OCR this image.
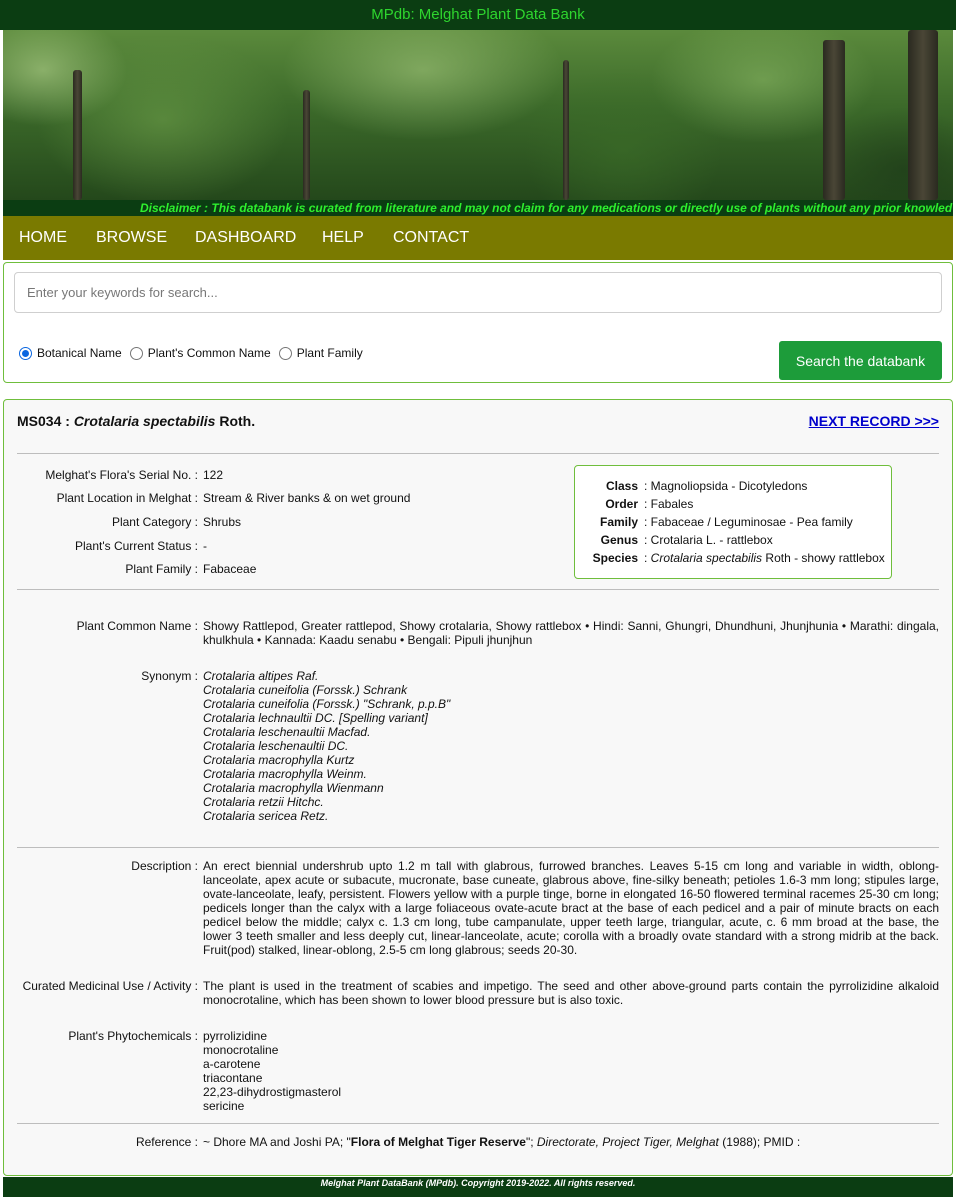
MPdb: Melghat Plant Data Bank
Disclaimer : This databank is curated from literature and may not claim for any medications or directly use of plants without any prior knowled
HOME BROWSE DASHBOARD HELP CONTACT
Enter your keywords for search...
Botanical Name Plant's Common Name Plant Family	Search the databank
MS034 : Crotalaria spectabilis Roth.	NEXT RECORD >>>
Melghat's Flora's Serial No. : 122
Plant Location in Melghat : Stream & River banks & on wet ground
Plant Category : Shrubs
Plant's Current Status : -
Plant Family : Fabaceae
Class : Magnoliopsida - Dicotyledons
Order : Fabales
Family : Fabaceae / Leguminosae - Pea family
Genus : Crotalaria L. - rattlebox
Species : Crotalaria spectabilis Roth - showy rattlebox
Plant Common Name : Showy Rattlepod, Greater rattlepod, Showy crotalaria, Showy rattlebox • Hindi: Sanni, Ghungri, Dhundhuni, Jhunjhunia • Marathi: dingala, khulkhula • Kannada: Kaadu senabu • Bengali: Pipuli jhunjhun
Synonym : Crotalaria altipes Raf.
Crotalaria cuneifolia (Forssk.) Schrank
Crotalaria cuneifolia (Forssk.) "Schrank, p.p.B"
Crotalaria lechnaultii DC. [Spelling variant]
Crotalaria leschenaultii Macfad.
Crotalaria leschenaultii DC.
Crotalaria macrophylla Kurtz
Crotalaria macrophylla Weinm.
Crotalaria macrophylla Wienmann
Crotalaria retzii Hitchc.
Crotalaria sericea Retz.
Description : An erect biennial undershrub upto 1.2 m tall with glabrous, furrowed branches. Leaves 5-15 cm long and variable in width, oblong-lanceolate, apex acute or subacute, mucronate, base cuneate, glabrous above, fine-silky beneath; petioles 1.6-3 mm long; stipules large, ovate-lanceolate, leafy, persistent. Flowers yellow with a purple tinge, borne in elongated 16-50 flowered terminal racemes 25-30 cm long; pedicels longer than the calyx with a large foliaceous ovate-acute bract at the base of each pedicel and a pair of minute bracts on each pedicel below the middle; calyx c. 1.3 cm long, tube campanulate, upper teeth large, triangular, acute, c. 6 mm broad at the base, the lower 3 teeth smaller and less deeply cut, linear-lanceolate, acute; corolla with a broadly ovate standard with a strong midrib at the back. Fruit(pod) stalked, linear-oblong, 2.5-5 cm long glabrous; seeds 20-30.
Curated Medicinal Use / Activity : The plant is used in the treatment of scabies and impetigo. The seed and other above-ground parts contain the pyrrolizidine alkaloid monocrotaline, which has been shown to lower blood pressure but is also toxic.
Plant's Phytochemicals : pyrrolizidine
monocrotaline
a-carotene
triacontane
22,23-dihydrostigmasterol
sericine
Reference : ~ Dhore MA and Joshi PA; "Flora of Melghat Tiger Reserve"; Directorate, Project Tiger, Melghat (1988); PMID :
Melghat Plant DataBank (MPdb). Copyright 2019-2022. All rights reserved.
